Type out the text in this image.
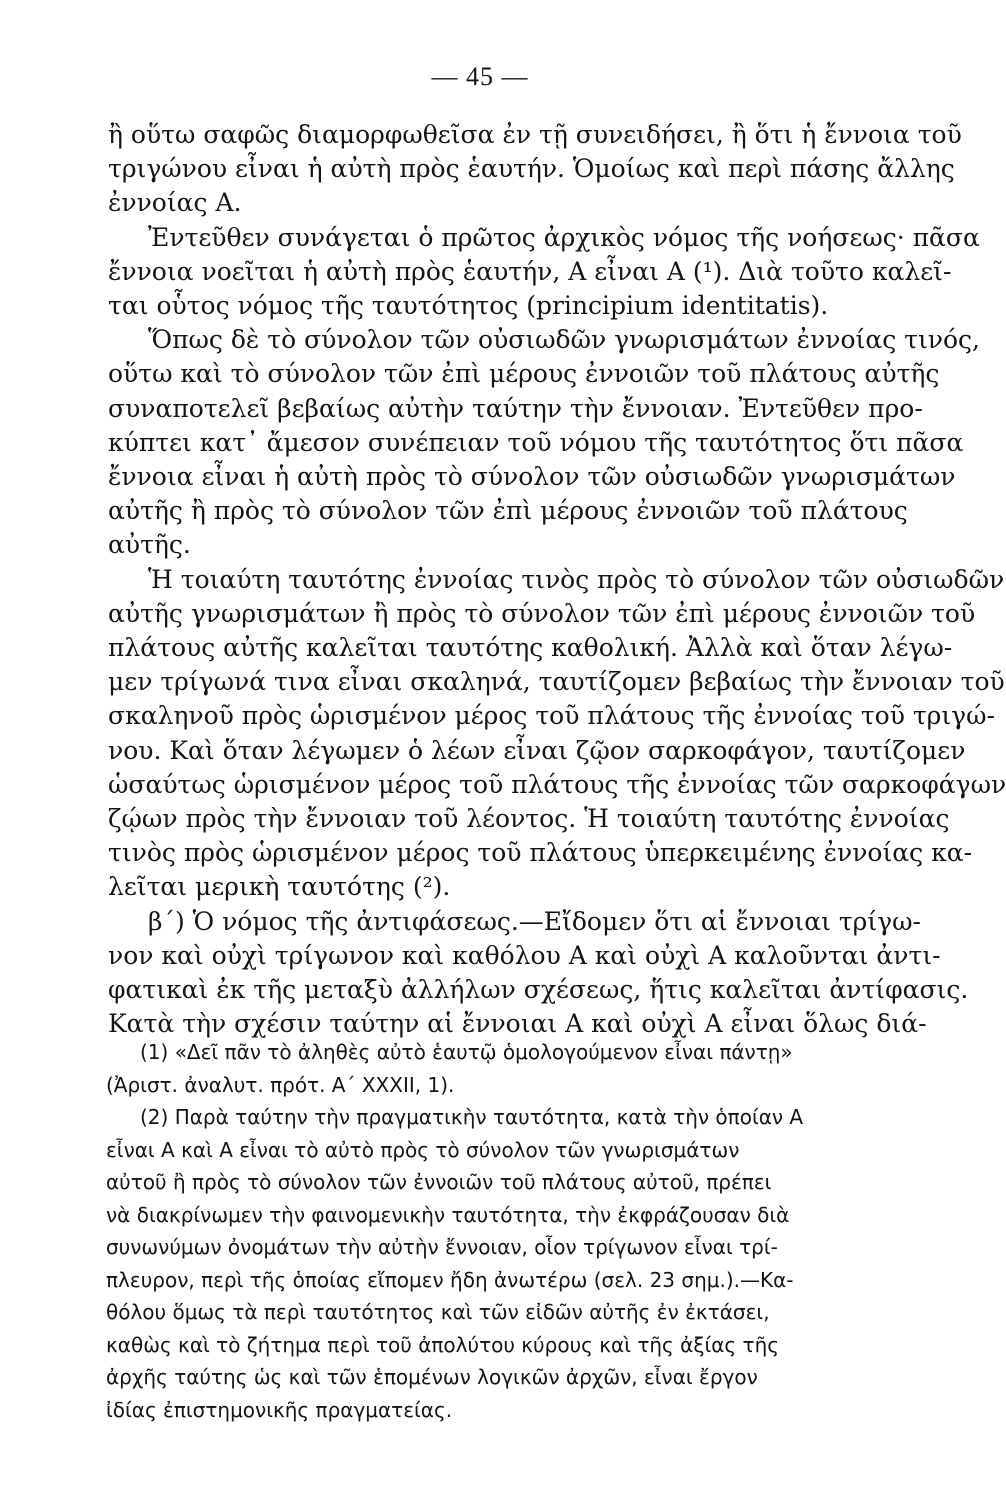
— 45 —
ἢ οὕτω σαφῶς διαμορφωθεῖσα ἐν τῇ συνειδήσει, ἢ ὅτι ἡ ἔννοια τοῦ
τριγώνου εἶναι ἡ αὐτὴ πρὸς ἑαυτήν. Ὁμοίως καὶ περὶ πάσης ἄλλης
ἐννοίας Α.
Ἐντεῦθεν συνάγεται ὁ πρῶτος ἀρχικὸς νόμος τῆς νοήσεως· πᾶσα
ἔννοια νοεῖται ἡ αὐτὴ πρὸς ἑαυτήν, Α εἶναι Α (¹). Διὰ τοῦτο καλεῖ-
ται οὗτος νόμος τῆς ταυτότητος (principium identitatis).
Ὅπως δὲ τὸ σύνολον τῶν οὐσιωδῶν γνωρισμάτων ἐννοίας τινός,
οὕτω καὶ τὸ σύνολον τῶν ἐπὶ μέρους ἐννοιῶν τοῦ πλάτους αὐτῆς
συναποτελεῖ βεβαίως αὐτὴν ταύτην τὴν ἔννοιαν. Ἐντεῦθεν προ-
κύπτει κατ᾽ ἄμεσον συνέπειαν τοῦ νόμου τῆς ταυτότητος ὅτι πᾶσα
ἔννοια εἶναι ἡ αὐτὴ πρὸς τὸ σύνολον τῶν οὐσιωδῶν γνωρισμάτων
αὐτῆς ἢ πρὸς τὸ σύνολον τῶν ἐπὶ μέρους ἐννοιῶν τοῦ πλάτους
αὐτῆς.
Ἡ τοιαύτη ταυτότης ἐννοίας τινὸς πρὸς τὸ σύνολον τῶν οὐσιωδῶν
αὐτῆς γνωρισμάτων ἢ πρὸς τὸ σύνολον τῶν ἐπὶ μέρους ἐννοιῶν τοῦ
πλάτους αὐτῆς καλεῖται ταυτότης καθολική. Ἀλλὰ καὶ ὅταν λέγω-
μεν τρίγωνά τινα εἶναι σκαληνά, ταυτίζομεν βεβαίως τὴν ἔννοιαν τοῦ
σκαληνοῦ πρὸς ὡρισμένον μέρος τοῦ πλάτους τῆς ἐννοίας τοῦ τριγώ-
νου. Καὶ ὅταν λέγωμεν ὁ λέων εἶναι ζῷον σαρκοφάγον, ταυτίζομεν
ὡσαύτως ὡρισμένον μέρος τοῦ πλάτους τῆς ἐννοίας τῶν σαρκοφάγων
ζῴων πρὸς τὴν ἔννοιαν τοῦ λέοντος. Ἡ τοιαύτη ταυτότης ἐννοίας
τινὸς πρὸς ὡρισμένον μέρος τοῦ πλάτους ὑπερκειμένης ἐννοίας κα-
λεῖται μερικὴ ταυτότης (²).
β΄) Ὁ νόμος τῆς ἀντιφάσεως.—Εἴδομεν ὅτι αἱ ἔννοιαι τρίγω-
νον καὶ οὐχὶ τρίγωνον καὶ καθόλου Α καὶ οὐχὶ Α καλοῦνται ἀντι-
φατικαὶ ἐκ τῆς μεταξὺ ἀλλήλων σχέσεως, ἥτις καλεῖται ἀντίφασις.
Κατὰ τὴν σχέσιν ταύτην αἱ ἔννοιαι Α καὶ οὐχὶ Α εἶναι ὅλως διά-
(1) «Δεῖ πᾶν τὸ ἀληθὲς αὐτὸ ἑαυτῷ ὁμολογούμενον εἶναι πάντῃ»
(Ἀριστ. ἀναλυτ. πρότ. Α΄ XXXII, 1).
(2) Παρὰ ταύτην τὴν πραγματικὴν ταυτότητα, κατὰ τὴν ὁποίαν Α
εἶναι Α καὶ Α εἶναι τὸ αὐτὸ πρὸς τὸ σύνολον τῶν γνωρισμάτων
αὐτοῦ ἢ πρὸς τὸ σύνολον τῶν ἐννοιῶν τοῦ πλάτους αὐτοῦ, πρέπει
νὰ διακρίνωμεν τὴν φαινομενικὴν ταυτότητα, τὴν ἐκφράζουσαν διὰ
συνωνύμων ὀνομάτων τὴν αὐτὴν ἔννοιαν, οἷον τρίγωνον εἶναι τρί-
πλευρον, περὶ τῆς ὁποίας εἴπομεν ἤδη ἀνωτέρω (σελ. 23 σημ.).—Κα-
θόλου ὅμως τὰ περὶ ταυτότητος καὶ τῶν εἰδῶν αὐτῆς ἐν ἐκτάσει,
καθὼς καὶ τὸ ζήτημα περὶ τοῦ ἀπολύτου κύρους καὶ τῆς ἀξίας τῆς
ἀρχῆς ταύτης ὡς καὶ τῶν ἑπομένων λογικῶν ἀρχῶν, εἶναι ἔργον
ἰδίας ἐπιστημονικῆς πραγματείας.
